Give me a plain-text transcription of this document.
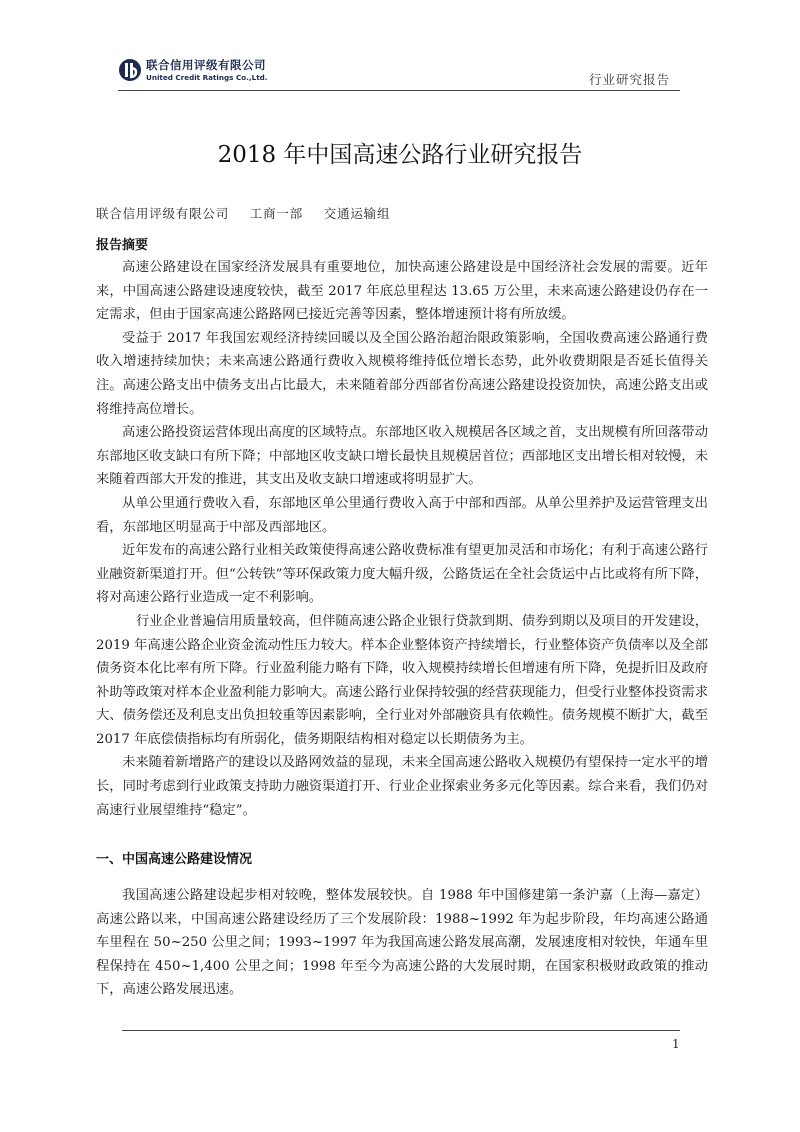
联合信用评级有限公司
United Credit Ratings Co.,Ltd.	行业研究报告
2018 年中国高速公路行业研究报告
联合信用评级有限公司 工商一部 交通运输组
报告摘要

高速公路建设在国家经济发展具有重要地位，加快高速公路建设是中国经济社会发展的需要。近年来，中国高速公路建设速度较快，截至 2017 年底总里程达 13.65 万公里，未来高速公路建设仍存在一定需求，但由于国家高速公路路网已接近完善等因素，整体增速预计将有所放缓。

受益于 2017 年我国宏观经济持续回暖以及全国公路治超治限政策影响，全国收费高速公路通行费收入增速持续加快；未来高速公路通行费收入规模将维持低位增长态势，此外收费期限是否延长值得关注。高速公路支出中债务支出占比最大，未来随着部分西部省份高速公路建设投资加快，高速公路支出或将维持高位增长。

高速公路投资运营体现出高度的区域特点。东部地区收入规模居各区域之首，支出规模有所回落带动东部地区收支缺口有所下降；中部地区收支缺口增长最快且规模居首位；西部地区支出增长相对较慢，未来随着西部大开发的推进，其支出及收支缺口增速或将明显扩大。

从单公里通行费收入看，东部地区单公里通行费收入高于中部和西部。从单公里养护及运营管理支出看，东部地区明显高于中部及西部地区。

近年发布的高速公路行业相关政策使得高速公路收费标准有望更加灵活和市场化；有利于高速公路行业融资新渠道打开。但“公转铁”等环保政策力度大幅升级，公路货运在全社会货运中占比或将有所下降，将对高速公路行业造成一定不利影响。

行业企业普遍信用质量较高，但伴随高速公路企业银行贷款到期、债券到期以及项目的开发建设，2019 年高速公路企业资金流动性压力较大。样本企业整体资产持续增长，行业整体资产负债率以及全部债务资本化比率有所下降。行业盈利能力略有下降，收入规模持续增长但增速有所下降，免提折旧及政府补助等政策对样本企业盈利能力影响大。高速公路行业保持较强的经营获现能力，但受行业整体投资需求大、债务偿还及利息支出负担较重等因素影响，全行业对外部融资具有依赖性。债务规模不断扩大，截至 2017 年底偿债指标均有所弱化，债务期限结构相对稳定以长期债务为主。

未来随着新增路产的建设以及路网效益的显现，未来全国高速公路收入规模仍有望保持一定水平的增长，同时考虑到行业政策支持助力融资渠道打开、行业企业探索业务多元化等因素。综合来看，我们仍对高速行业展望维持“稳定”。

一、中国高速公路建设情况

我国高速公路建设起步相对较晚，整体发展较快。自 1988 年中国修建第一条沪嘉（上海—嘉定）高速公路以来，中国高速公路建设经历了三个发展阶段：1988~1992 年为起步阶段，年均高速公路通车里程在 50~250 公里之间；1993~1997 年为我国高速公路发展高潮，发展速度相对较快，年通车里程保持在 450~1,400 公里之间；1998 年至今为高速公路的大发展时期，在国家积极财政政策的推动下，高速公路发展迅速。

1
